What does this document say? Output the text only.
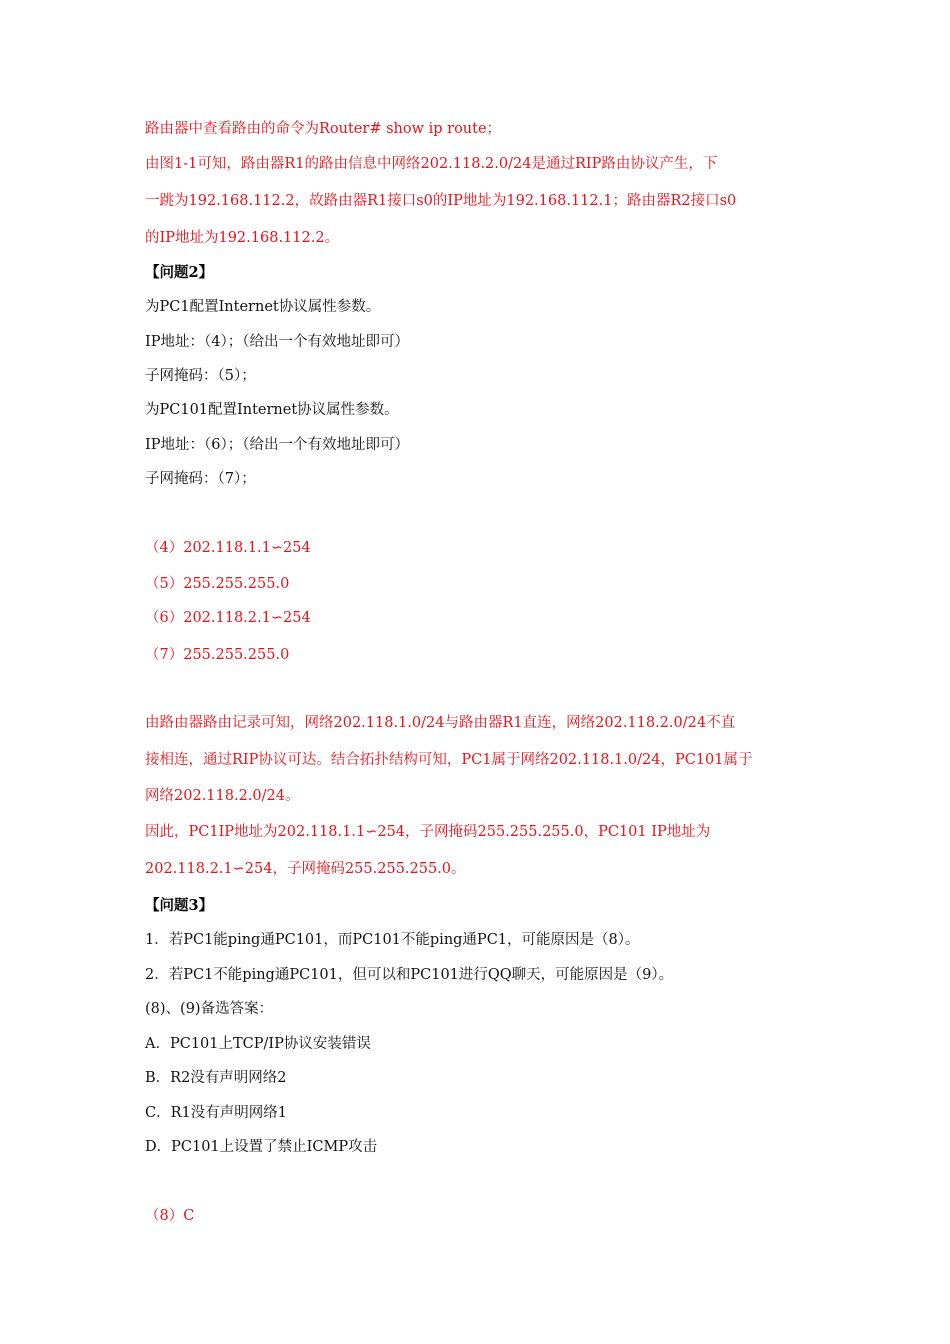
路由器中查看路由的命令为Router# show ip route；

由图1-1可知，路由器R1的路由信息中网络202.118.2.0/24是通过RIP路由协议产生，下

一跳为192.168.112.2，故路由器R1接口s0的IP地址为192.168.112.1；路由器R2接口s0

的IP地址为192.168.112.2。

【问题2】

为PC1配置Internet协议属性参数。

IP地址：（4）；（给出一个有效地址即可）

子网掩码：（5）；

为PC101配置Internet协议属性参数。

IP地址：（6）；（给出一个有效地址即可）

子网掩码：（7）；

（4）202.118.1.1∽254

（5）255.255.255.0

（6）202.118.2.1∽254

（7）255.255.255.0

由路由器路由记录可知，网络202.118.1.0/24与路由器R1直连，网络202.118.2.0/24不直

接相连，通过RIP协议可达。结合拓扑结构可知，PC1属于网络202.118.1.0/24，PC101属于

网络202.118.2.0/24。

因此，PC1IP地址为202.118.1.1∽254，子网掩码255.255.255.0，PC101 IP地址为

202.118.2.1∽254，子网掩码255.255.255.0。

【问题3】

1．若PC1能ping通PC101，而PC101不能ping通PC1，可能原因是（8）。

2．若PC1不能ping通PC101，但可以和PC101进行QQ聊天，可能原因是（9）。

(8)、(9)备选答案：

A．PC101上TCP/IP协议安装错误

B．R2没有声明网络2

C．R1没有声明网络1

D．PC101上设置了禁止ICMP攻击

（8）C
